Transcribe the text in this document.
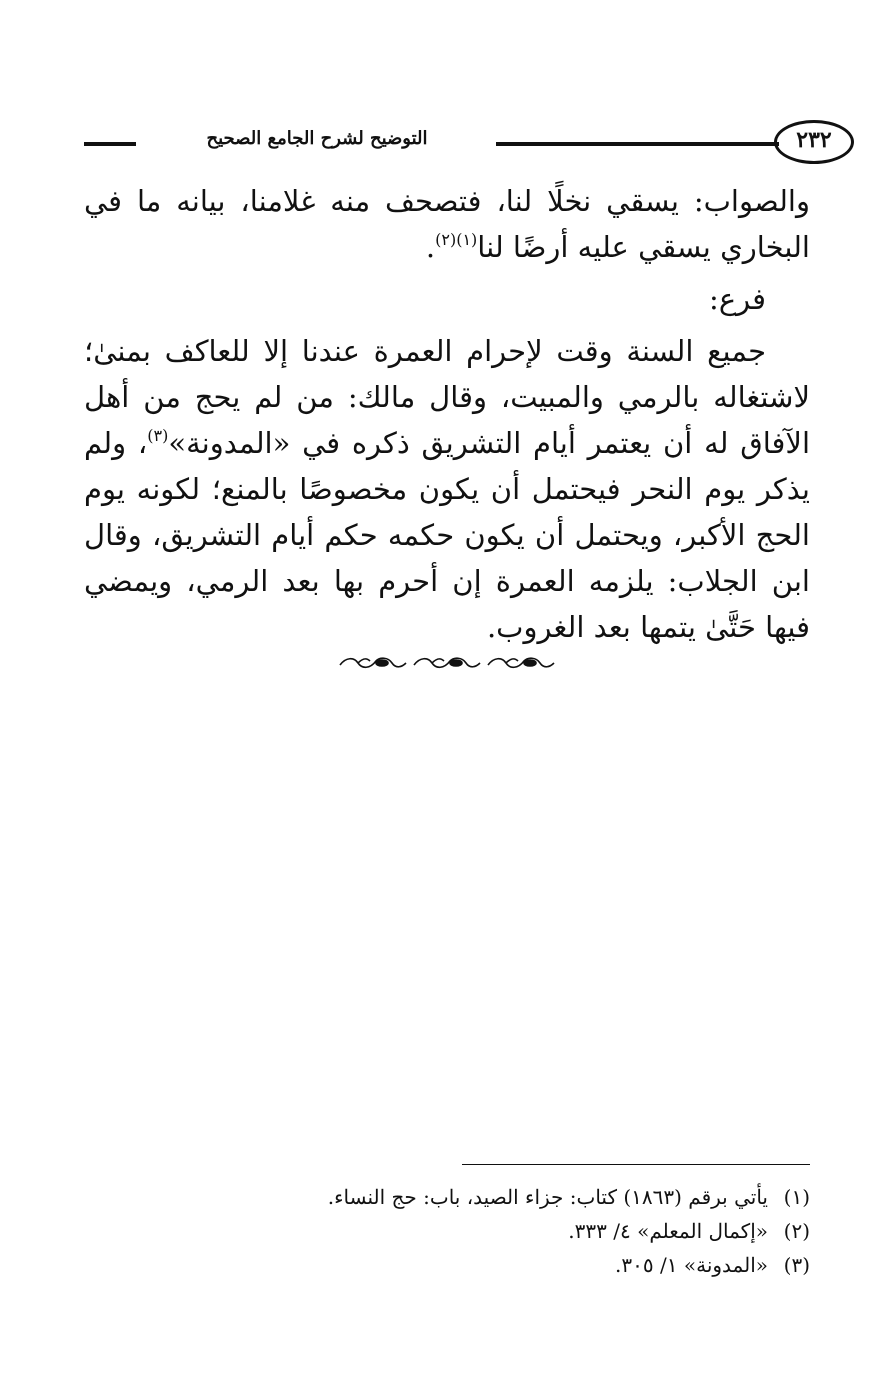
التوضيح لشرح الجامع الصحيح	٢٣٢

والصواب: يسقي نخلًا لنا، فتصحف منه غلامنا، بيانه ما في البخاري يسقي عليه أرضًا لنا$^{(١)(٢)}$.

فرع:

جميع السنة وقت لإحرام العمرة عندنا إلا للعاكف بمنىٰ؛ لاشتغاله بالرمي والمبيت، وقال مالك: من لم يحج من أهل الآفاق له أن يعتمر أيام التشريق ذكره في «المدونة»$^{(٣)}$، ولم يذكر يوم النحر فيحتمل أن يكون مخصوصًا بالمنع؛ لكونه يوم الحج الأكبر، ويحتمل أن يكون حكمه حكم أيام التشريق، وقال ابن الجلاب: يلزمه العمرة إن أحرم بها بعد الرمي، ويمضي فيها حَتَّىٰ يتمها بعد الغروب.

(١)
يأتي برقم (١٨٦٣) كتاب: جزاء الصيد، باب: حج النساء.
(٢)
«إكمال المعلم» ٤/ ٣٣٣.
(٣)
«المدونة» ١/ ٣٠٥.
